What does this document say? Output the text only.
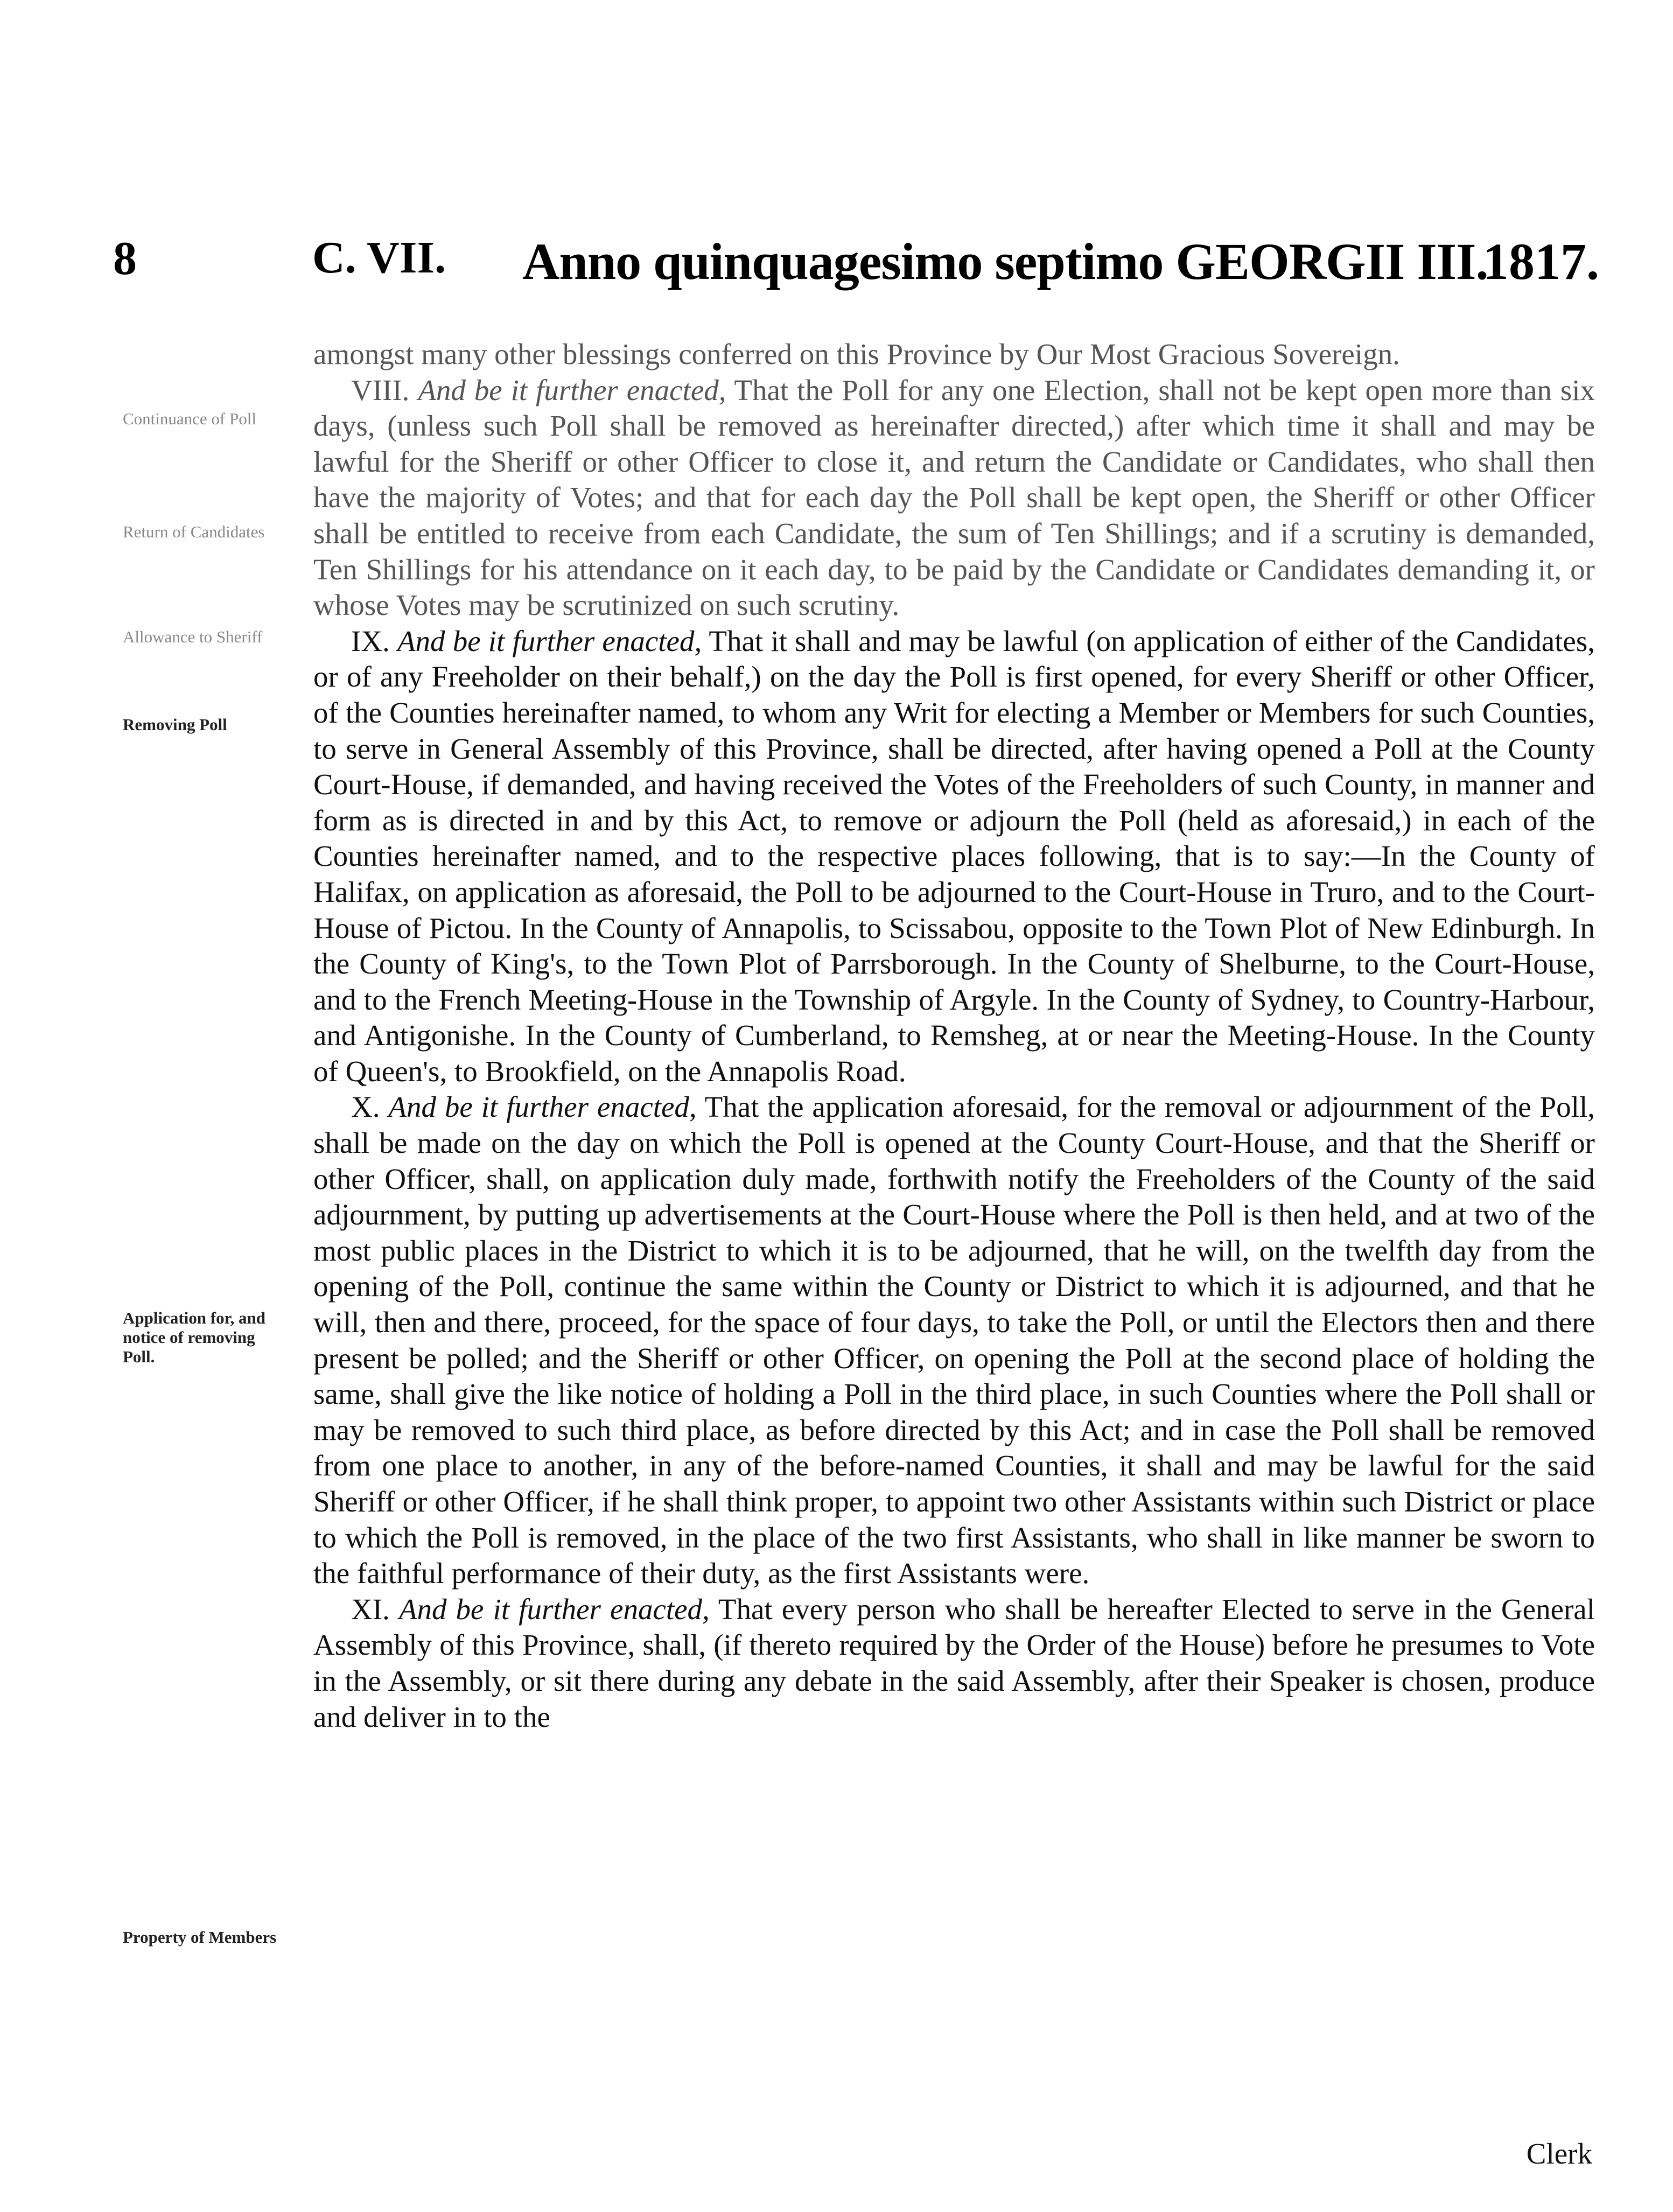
8	C. VII. Anno quinquagesimo septimo GEORGII III.
1817.
Continuance of Poll
Return of Candidates
Allowance to Sheriff
Removing Poll
Application for, and notice of removing Poll.
Property of Members

amongst many other blessings conferred on this Province by Our Most Gracious Sovereign.

VIII. And be it further enacted, That the Poll for any one Election, shall not be kept open more than six days, (unless such Poll shall be removed as hereinafter directed,) after which time it shall and may be lawful for the Sheriff or other Officer to close it, and return the Candidate or Candidates, who shall then have the majority of Votes; and that for each day the Poll shall be kept open, the Sheriff or other Officer shall be entitled to receive from each Candidate, the sum of Ten Shillings; and if a scrutiny is demanded, Ten Shillings for his attendance on it each day, to be paid by the Candidate or Candidates demanding it, or whose Votes may be scrutinized on such scrutiny.

IX. And be it further enacted, That it shall and may be lawful (on application of either of the Candidates, or of any Freeholder on their behalf,) on the day the Poll is first opened, for every Sheriff or other Officer, of the Counties hereinafter named, to whom any Writ for electing a Member or Members for such Counties, to serve in General Assembly of this Province, shall be directed, after having opened a Poll at the County Court-House, if demanded, and having received the Votes of the Freeholders of such County, in manner and form as is directed in and by this Act, to remove or adjourn the Poll (held as aforesaid,) in each of the Counties hereinafter named, and to the respective places following, that is to say:—In the County of Halifax, on application as aforesaid, the Poll to be adjourned to the Court-House in Truro, and to the Court-House of Pictou. In the County of Annapolis, to Scissabou, opposite to the Town Plot of New Edinburgh. In the County of King's, to the Town Plot of Parrsborough. In the County of Shelburne, to the Court-House, and to the French Meeting-House in the Township of Argyle. In the County of Sydney, to Country-Harbour, and Antigonishe. In the County of Cumberland, to Remsheg, at or near the Meeting-House. In the County of Queen's, to Brookfield, on the Annapolis Road.

X. And be it further enacted, That the application aforesaid, for the removal or adjournment of the Poll, shall be made on the day on which the Poll is opened at the County Court-House, and that the Sheriff or other Officer, shall, on application duly made, forthwith notify the Freeholders of the County of the said adjournment, by putting up advertisements at the Court-House where the Poll is then held, and at two of the most public places in the District to which it is to be adjourned, that he will, on the twelfth day from the opening of the Poll, continue the same within the County or District to which it is adjourned, and that he will, then and there, proceed, for the space of four days, to take the Poll, or until the Electors then and there present be polled; and the Sheriff or other Officer, on opening the Poll at the second place of holding the same, shall give the like notice of holding a Poll in the third place, in such Counties where the Poll shall or may be removed to such third place, as before directed by this Act; and in case the Poll shall be removed from one place to another, in any of the before-named Counties, it shall and may be lawful for the said Sheriff or other Officer, if he shall think proper, to appoint two other Assistants within such District or place to which the Poll is removed, in the place of the two first Assistants, who shall in like manner be sworn to the faithful performance of their duty, as the first Assistants were.

XI. And be it further enacted, That every person who shall be hereafter Elected to serve in the General Assembly of this Province, shall, (if thereto required by the Order of the House) before he presumes to Vote in the Assembly, or sit there during any debate in the said Assembly, after their Speaker is chosen, produce and deliver in to the

Clerk
